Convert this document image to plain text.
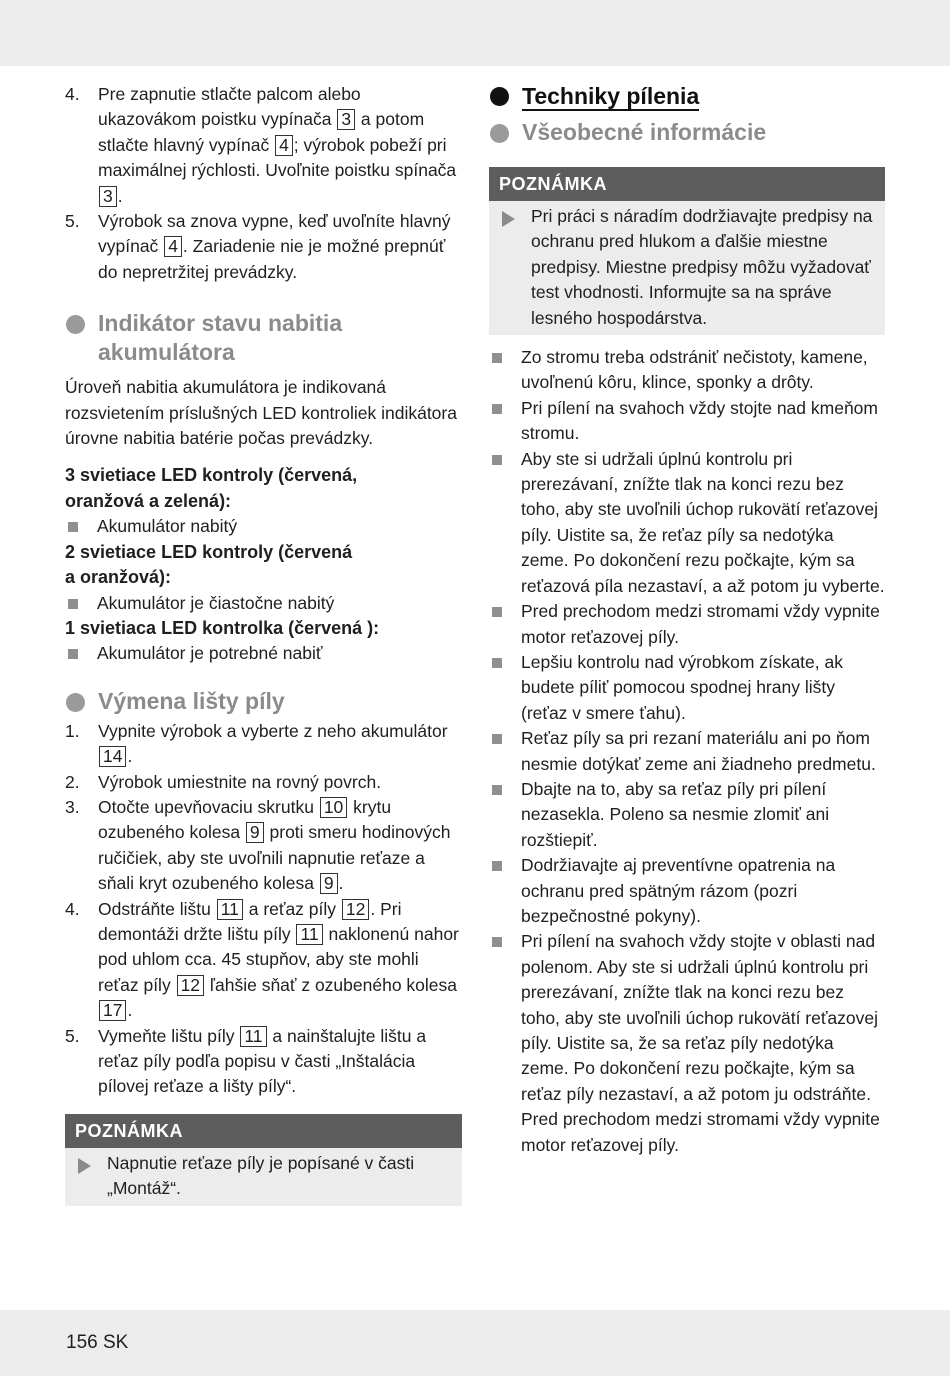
4. Pre zapnutie stlačte palcom alebo ukazovákom poistku vypínača 3 a potom stlačte hlavný vypínač 4 ; výrobok pobeží pri maximálnej rýchlosti. Uvoľnite poistku spínača 3 .
5. Výrobok sa znova vypne, keď uvoľníte hlavný vypínač 4 . Zariadenie nie je možné prepnúť do nepretržitej prevádzky.
Indikátor stavu nabitia
akumulátora
Úroveň nabitia akumulátora je indikovaná rozsvietením príslušných LED kontroliek indikátora úrovne nabitia batérie počas prevádzky.
3 svietiace LED kontroly (červená,
oranžová a zelená):
Akumulátor nabitý
2 svietiace LED kontroly (červená
a oranžová):
Akumulátor je čiastočne nabitý
1 svietiaca LED kontrolka (červená ):
Akumulátor je potrebné nabiť
Výmena lišty píly
1. Vypnite výrobok a vyberte z neho akumulátor 14 .
2. Výrobok umiestnite na rovný povrch.
3. Otočte upevňovaciu skrutku 10 krytu ozubeného kolesa 9 proti smeru hodinových ručičiek, aby ste uvoľnili napnutie reťaze a sňali kryt ozubeného kolesa 9 .
4. Odstráňte lištu 11 a reťaz píly 12 . Pri demontáži držte lištu píly 11 naklonenú nahor pod uhlom cca. 45 stupňov, aby ste mohli reťaz píly 12 ľahšie sňať z ozubeného kolesa 17 .
5. Vymeňte lištu píly 11 a nainštalujte lištu a reťaz píly podľa popisu v časti „Inštalácia pílovej reťaze a lišty píly“.
POZNÁMKA
Napnutie reťaze píly je popísané v časti „Montáž“.
Techniky pílenia
Všeobecné informácie
POZNÁMKA
Pri práci s náradím dodržiavajte predpisy na ochranu pred hlukom a ďalšie miestne predpisy. Miestne predpisy môžu vyžadovať test vhodnosti. Informujte sa na správe lesného hospodárstva.
Zo stromu treba odstrániť nečistoty, kamene, uvoľnenú kôru, klince, sponky a drôty.
Pri pílení na svahoch vždy stojte nad kmeňom stromu.
Aby ste si udržali úplnú kontrolu pri prerezávaní, znížte tlak na konci rezu bez toho, aby ste uvoľnili úchop rukovätí reťazovej píly. Uistite sa, že reťaz píly sa nedotýka zeme. Po dokončení rezu počkajte, kým sa reťazová píla nezastaví, a až potom ju vyberte.
Pred prechodom medzi stromami vždy vypnite motor reťazovej píly.
Lepšiu kontrolu nad výrobkom získate, ak budete píliť pomocou spodnej hrany lišty (reťaz v smere ťahu).
Reťaz píly sa pri rezaní materiálu ani po ňom nesmie dotýkať zeme ani žiadneho predmetu.
Dbajte na to, aby sa reťaz píly pri pílení nezasekla. Poleno sa nesmie zlomiť ani rozštiepiť.
Dodržiavajte aj preventívne opatrenia na ochranu pred spätným rázom (pozri bezpečnostné pokyny).
Pri pílení na svahoch vždy stojte v oblasti nad polenom. Aby ste si udržali úplnú kontrolu pri prerezávaní, znížte tlak na konci rezu bez toho, aby ste uvoľnili úchop rukovätí reťazovej píly. Uistite sa, že sa reťaz píly nedotýka zeme. Po dokončení rezu počkajte, kým sa reťaz píly nezastaví, a až potom ju odstráňte. Pred prechodom medzi stromami vždy vypnite motor reťazovej píly.
156 SK
